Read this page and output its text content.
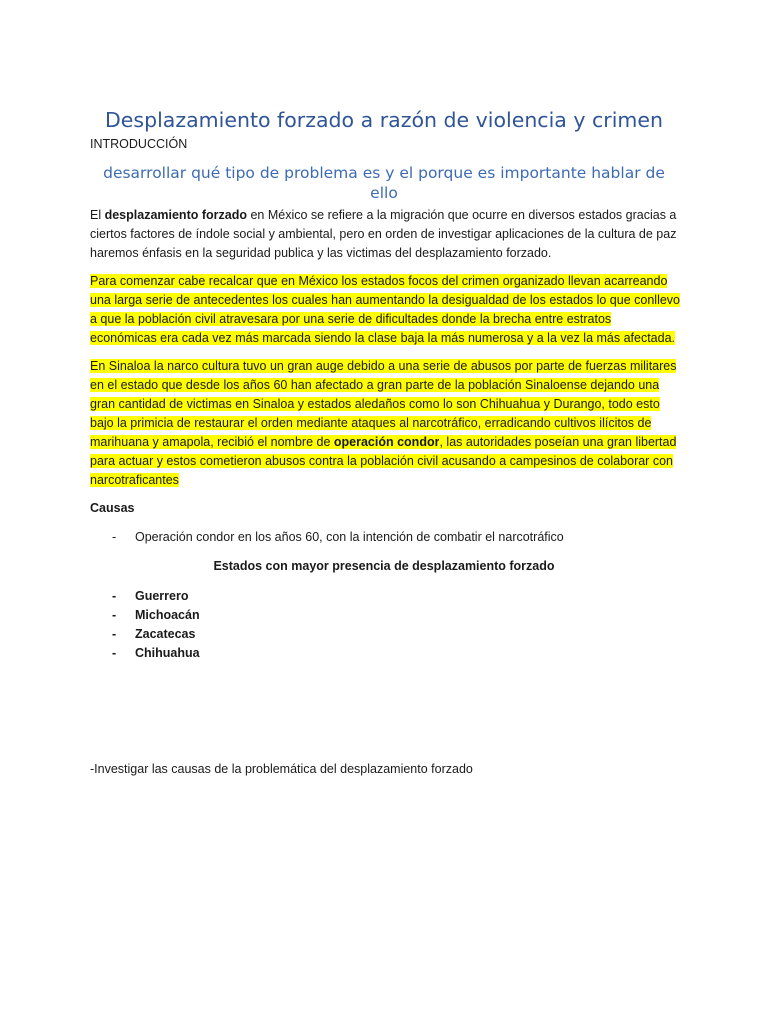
Desplazamiento forzado a razón de violencia y crimen
INTRODUCCIÓN
desarrollar qué tipo de problema es y el porque es importante hablar de ello

El desplazamiento forzado en México se refiere a la migración que ocurre en diversos estados gracias a ciertos factores de índole social y ambiental, pero en orden de investigar aplicaciones de la cultura de paz haremos énfasis en la seguridad publica y las victimas del desplazamiento forzado.

Para comenzar cabe recalcar que en México los estados focos del crimen organizado llevan acarreando una larga serie de antecedentes los cuales han aumentando la desigualdad de los estados lo que conllevo a que la población civil atravesara por una serie de dificultades donde la brecha entre estratos económicas era cada vez más marcada siendo la clase baja la más numerosa y a la vez la más afectada.

En Sinaloa la narco cultura tuvo un gran auge debido a una serie de abusos por parte de fuerzas militares en el estado que desde los años 60 han afectado a gran parte de la población Sinaloense dejando una gran cantidad de victimas en Sinaloa y estados aledaños como lo son Chihuahua y Durango, todo esto bajo la primicia de restaurar el orden mediante ataques al narcotráfico, erradicando cultivos ilícitos de marihuana y amapola, recibió el nombre de operación condor, las autoridades poseían una gran libertad para actuar y estos cometieron abusos contra la población civil acusando a campesinos de colaborar con narcotraficantes

Causas
- Operación condor en los años 60, con la intención de combatir el narcotráfico
Estados con mayor presencia de desplazamiento forzado
- Guerrero
- Michoacán
- Zacatecas
- Chihuahua
-Investigar las causas de la problemática del desplazamiento forzado
